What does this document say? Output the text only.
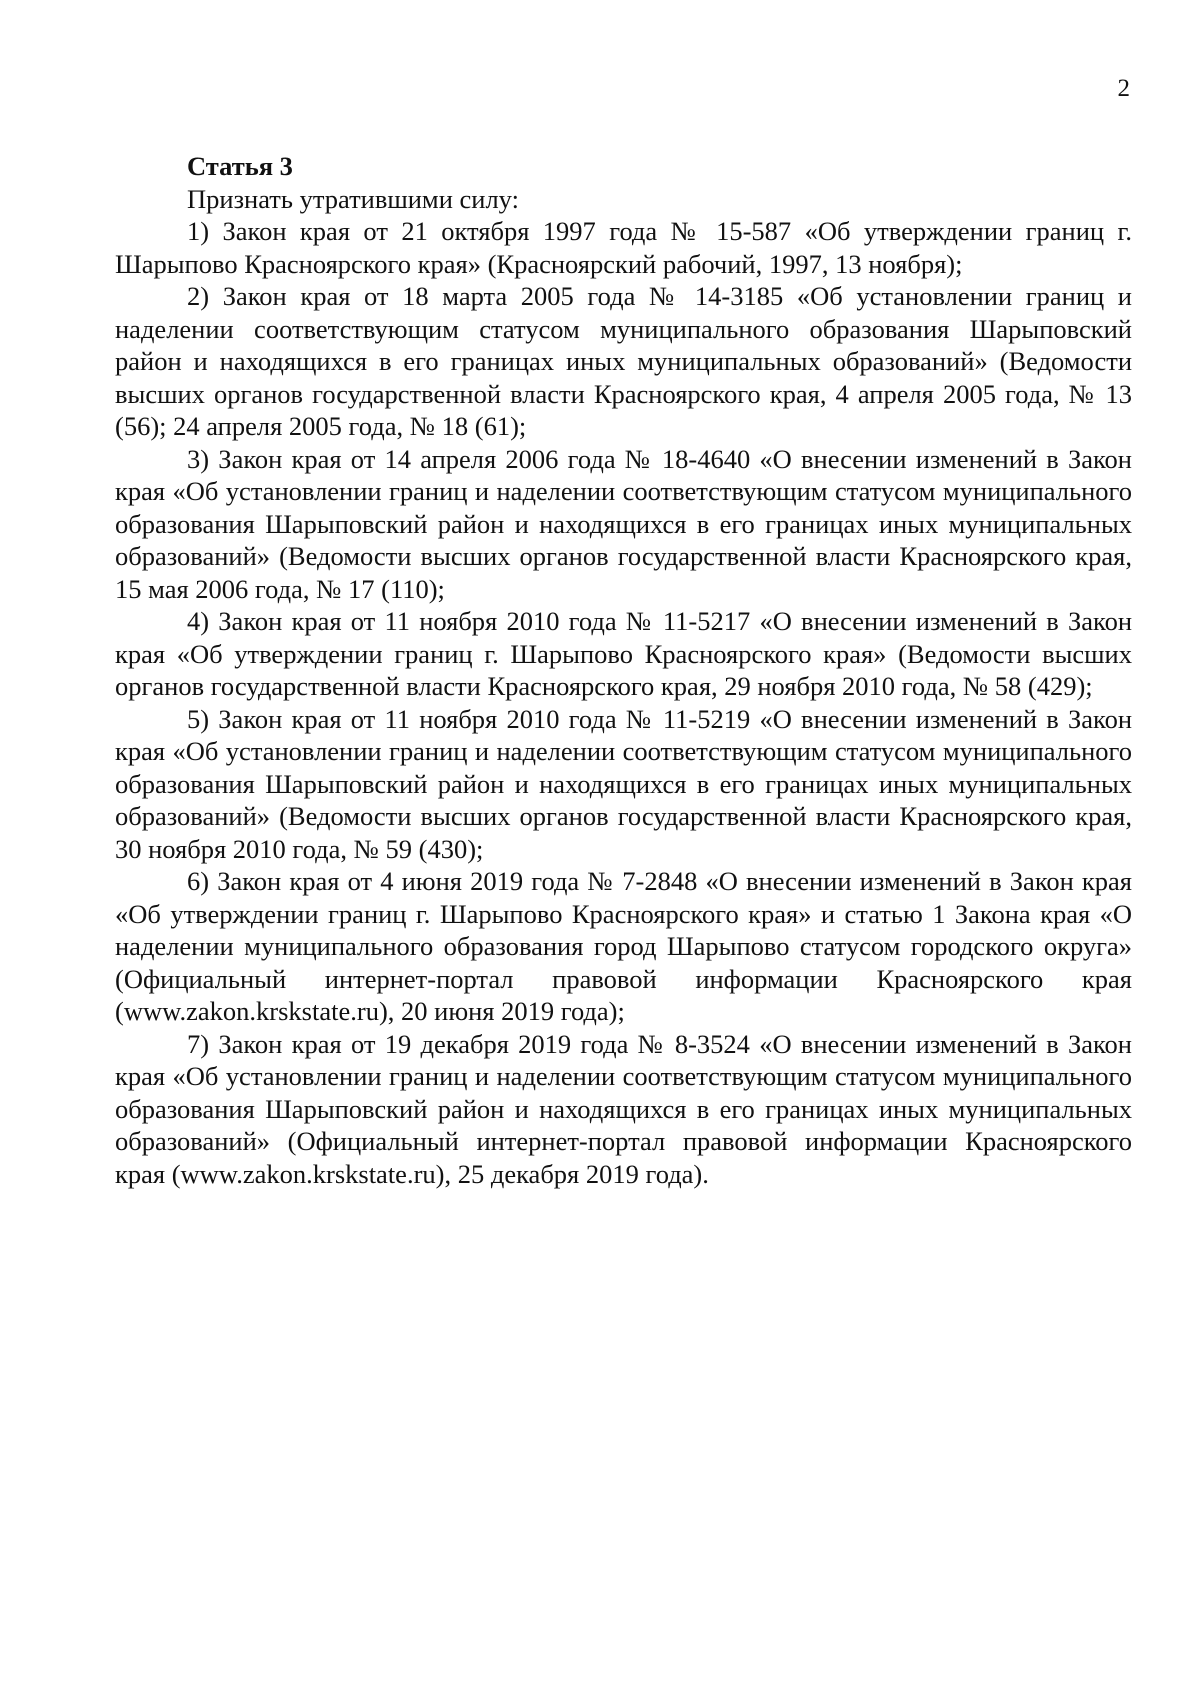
2

Статья 3

Признать утратившими силу:

1) Закон края от 21 октября 1997 года № 15-587 «Об утверждении границ г. Шарыпово Красноярского края» (Красноярский рабочий, 1997, 13 ноября);
2) Закон края от 18 марта 2005 года № 14-3185 «Об установлении границ и наделении соответствующим статусом муниципального образования Шарыповский район и находящихся в его границах иных муниципальных образований» (Ведомости высших органов государственной власти Красноярского края, 4 апреля 2005 года, № 13 (56); 24 апреля 2005 года, № 18 (61);
3) Закон края от 14 апреля 2006 года № 18-4640 «О внесении изменений в Закон края «Об установлении границ и наделении соответствующим статусом муниципального образования Шарыповский район и находящихся в его границах иных муниципальных образований» (Ведомости высших органов государственной власти Красноярского края, 15 мая 2006 года, № 17 (110);
4) Закон края от 11 ноября 2010 года № 11-5217 «О внесении изменений в Закон края «Об утверждении границ г. Шарыпово Красноярского края» (Ведомости высших органов государственной власти Красноярского края, 29 ноября 2010 года, № 58 (429);
5) Закон края от 11 ноября 2010 года № 11-5219 «О внесении изменений в Закон края «Об установлении границ и наделении соответствующим статусом муниципального образования Шарыповский район и находящихся в его границах иных муниципальных образований» (Ведомости высших органов государственной власти Красноярского края, 30 ноября 2010 года, № 59 (430);
6) Закон края от 4 июня 2019 года № 7-2848 «О внесении изменений в Закон края «Об утверждении границ г. Шарыпово Красноярского края» и статью 1 Закона края «О наделении муниципального образования город Шарыпово статусом городского округа» (Официальный интернет-портал правовой информации Красноярского края (www.zakon.krskstate.ru), 20 июня 2019 года);
7) Закон края от 19 декабря 2019 года № 8-3524 «О внесении изменений в Закон края «Об установлении границ и наделении соответствующим статусом муниципального образования Шарыповский район и находящихся в его границах иных муниципальных образований» (Официальный интернет-портал правовой информации Красноярского края (www.zakon.krskstate.ru), 25 декабря 2019 года).
